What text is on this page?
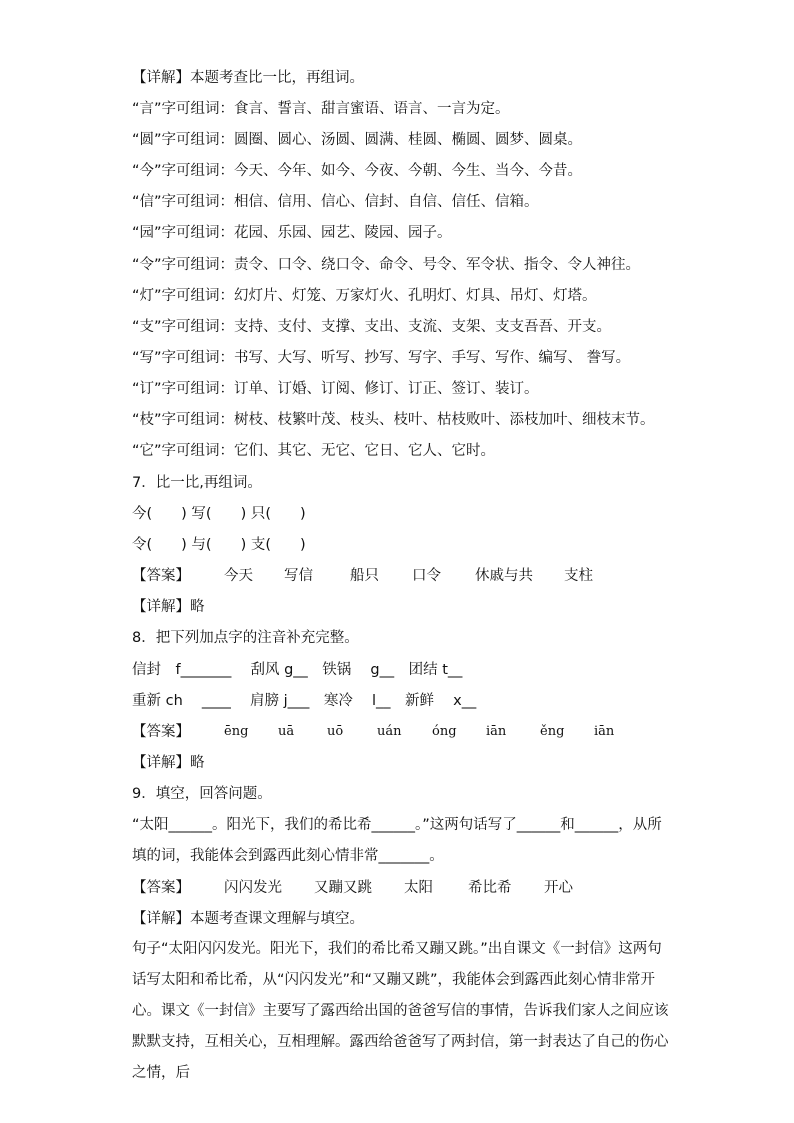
【详解】本题考查比一比，再组词。
“言”字可组词：食言、誓言、甜言蜜语、语言、一言为定。
“圆”字可组词：圆圈、圆心、汤圆、圆满、桂圆、椭圆、圆梦、圆桌。
“今”字可组词：今天、今年、如今、今夜、今朝、今生、当今、今昔。
“信”字可组词：相信、信用、信心、信封、自信、信任、信箱。
“园”字可组词：花园、乐园、园艺、陵园、园子。
“令”字可组词：责令、口令、绕口令、命令、号令、军令状、指令、令人神往。
“灯”字可组词：幻灯片、灯笼、万家灯火、孔明灯、灯具、吊灯、灯塔。
“支”字可组词：支持、支付、支撑、支出、支流、支架、支支吾吾、开支。
“写”字可组词：书写、大写、听写、抄写、写字、手写、写作、编写、 誊写。
“订”字可组词：订单、订婚、订阅、修订、订正、签订、装订。
“枝”字可组词：树枝、枝繁叶茂、枝头、枝叶、枯枝败叶、添枝加叶、细枝末节。
“它”字可组词：它们、其它、无它、它日、它人、它时。
7．比一比,再组词。
今(　　) 写(　　) 只(　　)
令(　　) 与(　　) 支(　　)
【答案】 今天 写信	船只 口令 休戚与共 支柱
【详解】略
8．把下列加点字的注音补充完整。
信封　f_______　 刮风 g__　铁锅　 g__　团结 t__
重新 ch　 ____　 肩膀 j___　寒冷　 l__　新鲜　 x__
【答案】	ēng uā	uō	uán óng iān	ěng iān
【详解】略
9．填空，回答问题。
“太阳______。阳光下，我们的希比希______。”这两句话写了______和______，从所填的词，我能体会到露西此刻心情非常_______。
【答案】 闪闪发光 又蹦又跳 太阳 希比希 开心
【详解】本题考查课文理解与填空。
句子“太阳闪闪发光。阳光下，我们的希比希又蹦又跳。”出自课文《一封信》这两句话写太阳和希比希，从“闪闪发光”和“又蹦又跳”，我能体会到露西此刻心情非常开心。课文《一封信》主要写了露西给出国的爸爸写信的事情，告诉我们家人之间应该默默支持，互相关心，互相理解。露西给爸爸写了两封信，第一封表达了自己的伤心之情，后
